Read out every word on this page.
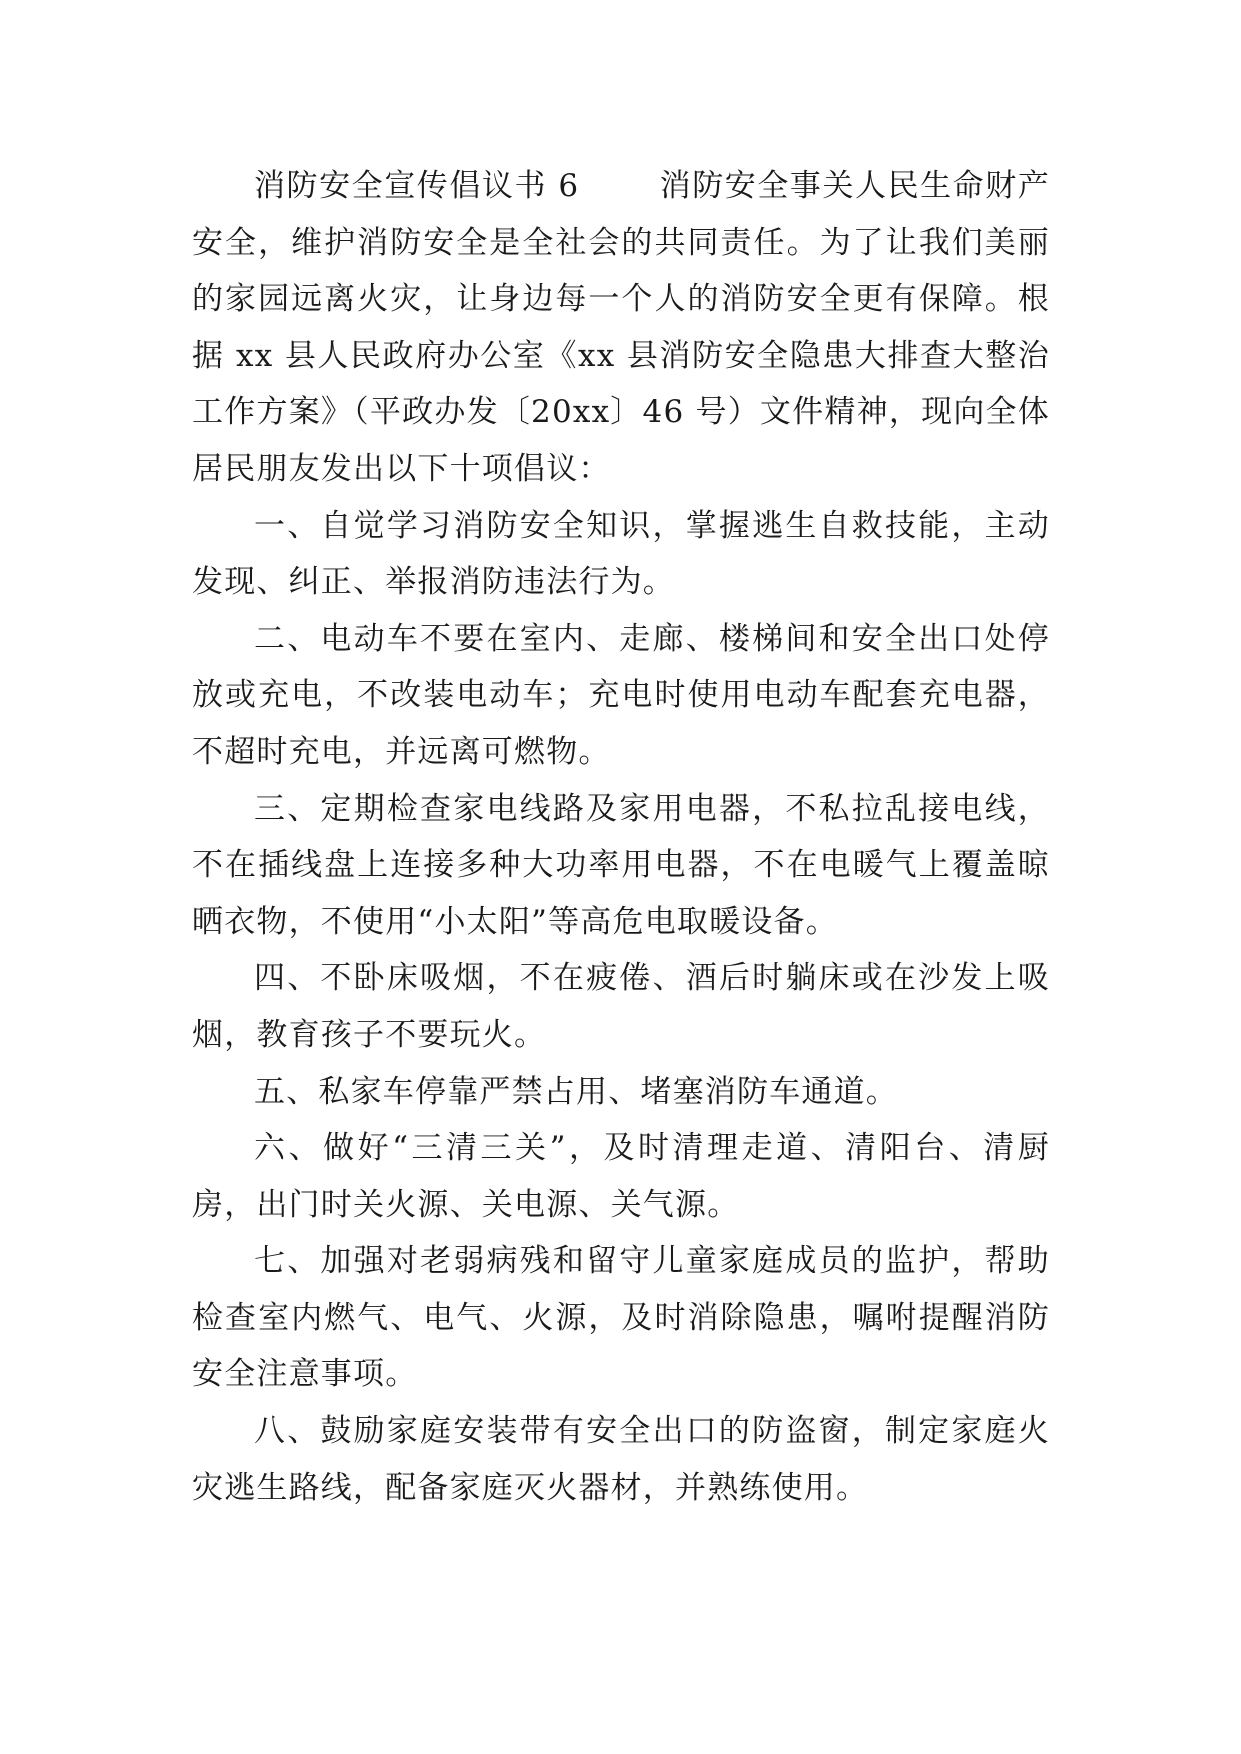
消防安全宣传倡议书 6	消防安全事关人民生命财产安全，维护消防安全是全社会的共同责任。为了让我们美丽的家园远离火灾，让身边每一个人的消防安全更有保障。根据 xx 县人民政府办公室《xx 县消防安全隐患大排查大整治工作方案》（平政办发〔20xx〕46 号）文件精神，现向全体居民朋友发出以下十项倡议：

一、自觉学习消防安全知识，掌握逃生自救技能，主动发现、纠正、举报消防违法行为。

二、电动车不要在室内、走廊、楼梯间和安全出口处停放或充电，不改装电动车；充电时使用电动车配套充电器，不超时充电，并远离可燃物。

三、定期检查家电线路及家用电器，不私拉乱接电线，不在插线盘上连接多种大功率用电器，不在电暖气上覆盖晾晒衣物，不使用“小太阳”等高危电取暖设备。

四、不卧床吸烟，不在疲倦、酒后时躺床或在沙发上吸烟，教育孩子不要玩火。

五、私家车停靠严禁占用、堵塞消防车通道。

六、做好“三清三关”，及时清理走道、清阳台、清厨房，出门时关火源、关电源、关气源。

七、加强对老弱病残和留守儿童家庭成员的监护，帮助检查室内燃气、电气、火源，及时消除隐患，嘱咐提醒消防安全注意事项。

八、鼓励家庭安装带有安全出口的防盗窗，制定家庭火灾逃生路线，配备家庭灭火器材，并熟练使用。
